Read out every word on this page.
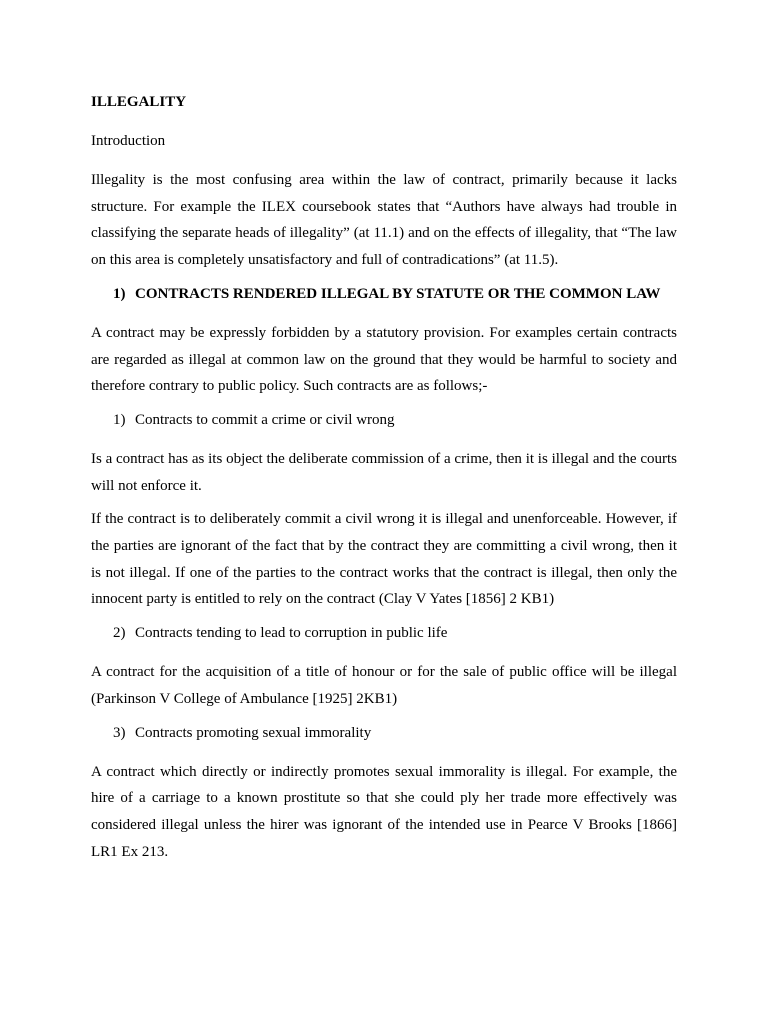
ILLEGALITY
Introduction

Illegality is the most confusing area within the law of contract, primarily because it lacks structure. For example the ILEX coursebook states that “Authors have always had trouble in classifying the separate heads of illegality” (at 11.1) and on the effects of illegality, that “The law on this area is completely unsatisfactory and full of contradications” (at 11.5).

1) CONTRACTS RENDERED ILLEGAL BY STATUTE OR THE COMMON LAW

A contract may be expressly forbidden by a statutory provision. For examples certain contracts are regarded as illegal at common law on the ground that they would be harmful to society and therefore contrary to public policy. Such contracts are as follows;-

1) Contracts to commit a crime or civil wrong

Is a contract has as its object the deliberate commission of a crime, then it is illegal and the courts will not enforce it.

If the contract is to deliberately commit a civil wrong it is illegal and unenforceable. However, if the parties are ignorant of the fact that by the contract they are committing a civil wrong, then it is not illegal. If one of the parties to the contract works that the contract is illegal, then only the innocent party is entitled to rely on the contract (Clay V Yates [1856] 2 KB1)

2) Contracts tending to lead to corruption in public life

A contract for the acquisition of a title of honour or for the sale of public office will be illegal (Parkinson V College of Ambulance [1925] 2KB1)

3) Contracts promoting sexual immorality

A contract which directly or indirectly promotes sexual immorality is illegal. For example, the hire of a carriage to a known prostitute so that she could ply her trade more effectively was considered illegal unless the hirer was ignorant of the intended use in Pearce V Brooks [1866] LR1 Ex 213.
